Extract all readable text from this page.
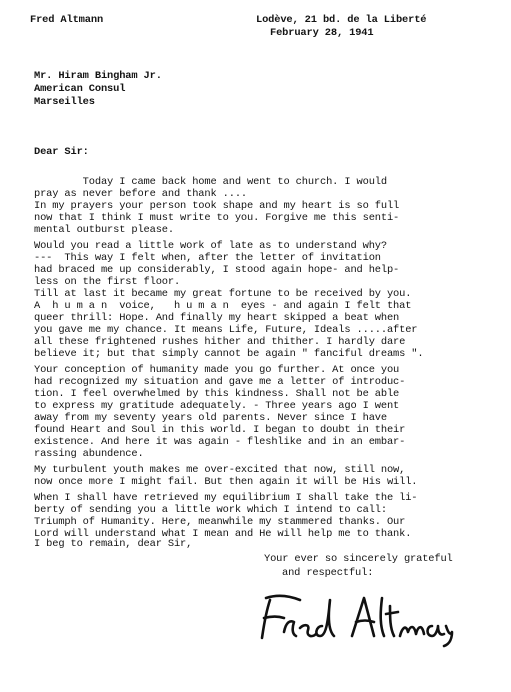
Fred Altmann	Lodève, 21 bd. de la Liberté
February 28, 1941
Mr. Hiram Bingham Jr.
American Consul
Marseilles
Dear Sir:
Today I came back home and went to church. I would
pray as never before and thank ....
In my prayers your person took shape and my heart is so full
now that I think I must write to you. Forgive me this senti-
mental outburst please.
Would you read a little work of late as to understand why?
---  This way I felt when, after the letter of invitation
had braced me up considerably, I stood again hope- and help-
less on the first floor.
Till at last it became my great fortune to be received by you.
A  h u m a n  voice,   h u m a n  eyes - and again I felt that
queer thrill: Hope. And finally my heart skipped a beat when
you gave me my chance. It means Life, Future, Ideals .....after
all these frightened rushes hither and thither. I hardly dare
believe it; but that simply cannot be again " fanciful dreams ".
Your conception of humanity made you go further. At once you
had recognized my situation and gave me a letter of introduc-
tion. I feel overwhelmed by this kindness. Shall not be able
to express my gratitude adequately. - Three years ago I went
away from my seventy years old parents. Never since I have
found Heart and Soul in this world. I began to doubt in their
existence. And here it was again - fleshlike and in an embar-
rassing abundence.
My turbulent youth makes me over-excited that now, still now,
now once more I might fail. But then again it will be His will.
When I shall have retrieved my equilibrium I shall take the li-
berty of sending you a little work which I intend to call:
Triumph of Humanity. Here, meanwhile my stammered thanks. Our
Lord will understand what I mean and He will help me to thank.
I beg to remain, dear Sir,
Your ever so sincerely grateful
and respectful:
